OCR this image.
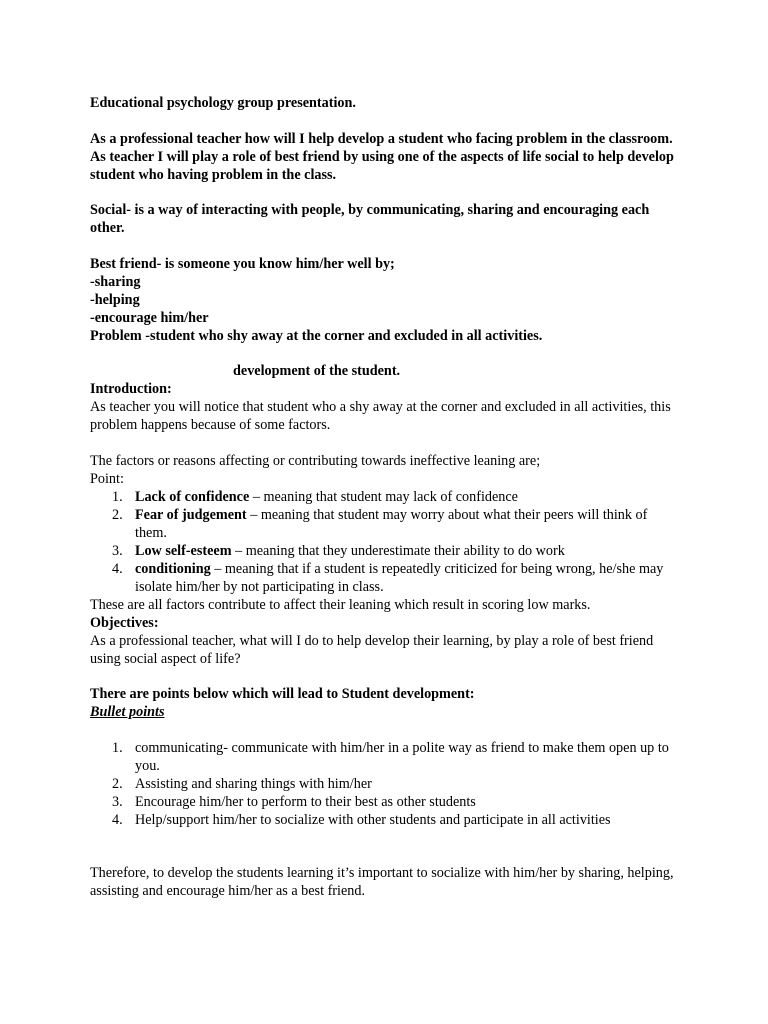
Educational psychology group presentation.

As a professional teacher how will I help develop a student who facing problem in the classroom.

As teacher I will play a role of best friend by using one of the aspects of life social to help develop student who having problem in the class.

Social- is a way of interacting with people, by communicating, sharing and encouraging each other.

Best friend- is someone you know him/her well by;

-sharing

-helping

-encourage him/her

Problem -student who shy away at the corner and excluded in all activities.

development of the student.

Introduction:

As teacher you will notice that student who a shy away at the corner and excluded in all activities, this problem happens because of some factors.

The factors or reasons affecting or contributing towards ineffective leaning are;

Point:

1. Lack of confidence – meaning that student may lack of confidence
2. Fear of judgement – meaning that student may worry about what their peers will think of them.
3. Low self-esteem – meaning that they underestimate their ability to do work
4. conditioning – meaning that if a student is repeatedly criticized for being wrong, he/she may isolate him/her by not participating in class.

These are all factors contribute to affect their leaning which result in scoring low marks.

Objectives:

As a professional teacher, what will I do to help develop their learning, by play a role of best friend using social aspect of life?

There are points below which will lead to Student development:

Bullet points

1. communicating- communicate with him/her in a polite way as friend to make them open up to you.
2. Assisting and sharing things with him/her
3. Encourage him/her to perform to their best as other students
4. Help/support him/her to socialize with other students and participate in all activities

Therefore, to develop the students learning it’s important to socialize with him/her by sharing, helping, assisting and encourage him/her as a best friend.
